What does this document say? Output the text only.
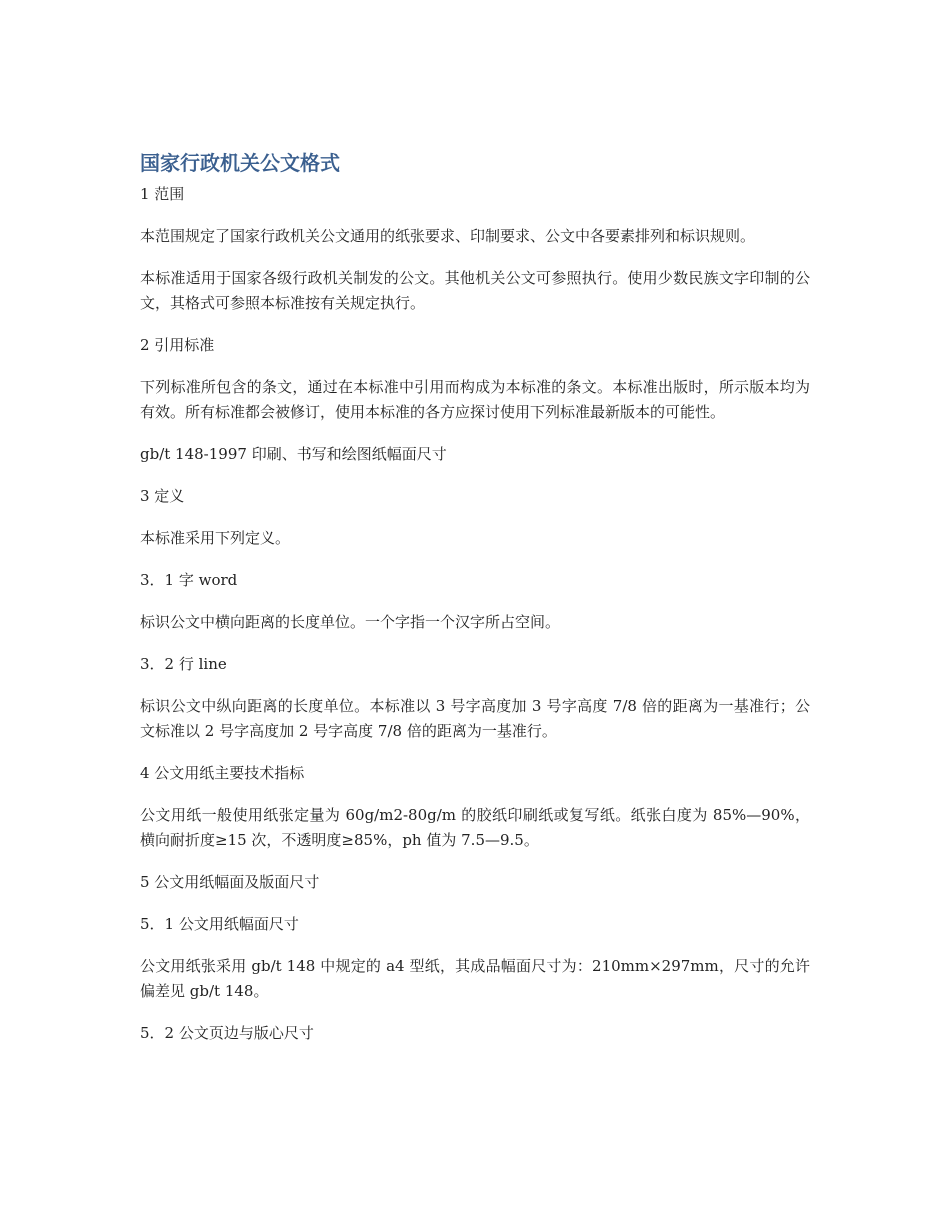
国家行政机关公文格式

1 范围

本范围规定了国家行政机关公文通用的纸张要求、印制要求、公文中各要素排列和标识规则。

本标准适用于国家各级行政机关制发的公文。其他机关公文可参照执行。使用少数民族文字印制的公文，其格式可参照本标准按有关规定执行。

2 引用标准

下列标准所包含的条文，通过在本标准中引用而构成为本标准的条文。本标准出版时，所示版本均为有效。所有标准都会被修订，使用本标准的各方应探讨使用下列标准最新版本的可能性。

gb/t 148-1997 印刷、书写和绘图纸幅面尺寸

3 定义

本标准采用下列定义。

3．1 字 word

标识公文中横向距离的长度单位。一个字指一个汉字所占空间。

3．2 行 line

标识公文中纵向距离的长度单位。本标准以 3 号字高度加 3 号字高度 7/8 倍的距离为一基准行；公文标准以 2 号字高度加 2 号字高度 7/8 倍的距离为一基准行。

4 公文用纸主要技术指标

公文用纸一般使用纸张定量为 60g/m2-80g/m 的胶纸印刷纸或复写纸。纸张白度为 85%—90%，横向耐折度≥15 次，不透明度≥85%，ph 值为 7.5—9.5。

5 公文用纸幅面及版面尺寸

5．1 公文用纸幅面尺寸

公文用纸张采用 gb/t 148 中规定的 a4 型纸，其成品幅面尺寸为：210mm×297mm，尺寸的允许偏差见 gb/t 148。

5．2 公文页边与版心尺寸
